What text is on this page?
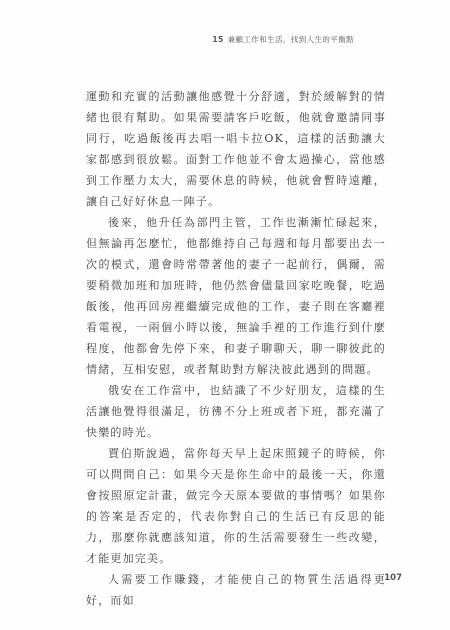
15 兼顧工作和生活，找到人生的平衡點

運動和充實的活動讓他感覺十分舒適，對於緩解對的情緒也很有幫助。如果需要請客戶吃飯，他就會邀請同事同行，吃過飯後再去唱一唱卡拉OK，這樣的活動讓大家都感到很放鬆。面對工作他並不會太過操心，當他感到工作壓力太大，需要休息的時候，他就會暫時遠離，讓自己好好休息一陣子。

後來，他升任為部門主管，工作也漸漸忙碌起來，但無論再怎麼忙，他都維持自己每週和每月都要出去一次的模式，還會時常帶著他的妻子一起前行，偶爾，需要稍微加班和加班時，他仍然會儘量回家吃晚餐，吃過飯後，他再回房裡繼續完成他的工作，妻子則在客廳裡看電視，一兩個小時以後，無論手裡的工作進行到什麼程度，他都會先停下來，和妻子聊聊天，聊一聊彼此的情緒，互相安慰，或者幫助對方解決彼此遇到的問題。

俄安在工作當中，也結識了不少好朋友，這樣的生活讓他覺得很滿足，彷彿不分上班或者下班，都充滿了快樂的時光。

賈伯斯說過，當你每天早上起床照鏡子的時候，你可以問問自己：如果今天是你生命中的最後一天，你還會按照原定計畫，做完今天原本要做的事情嗎？如果你的答案是否定的，代表你對自己的生活已有反思的能力，那麼你就應該知道，你的生活需要發生一些改變，才能更加完美。

人需要工作賺錢，才能使自己的物質生活過得更好，而如

107
